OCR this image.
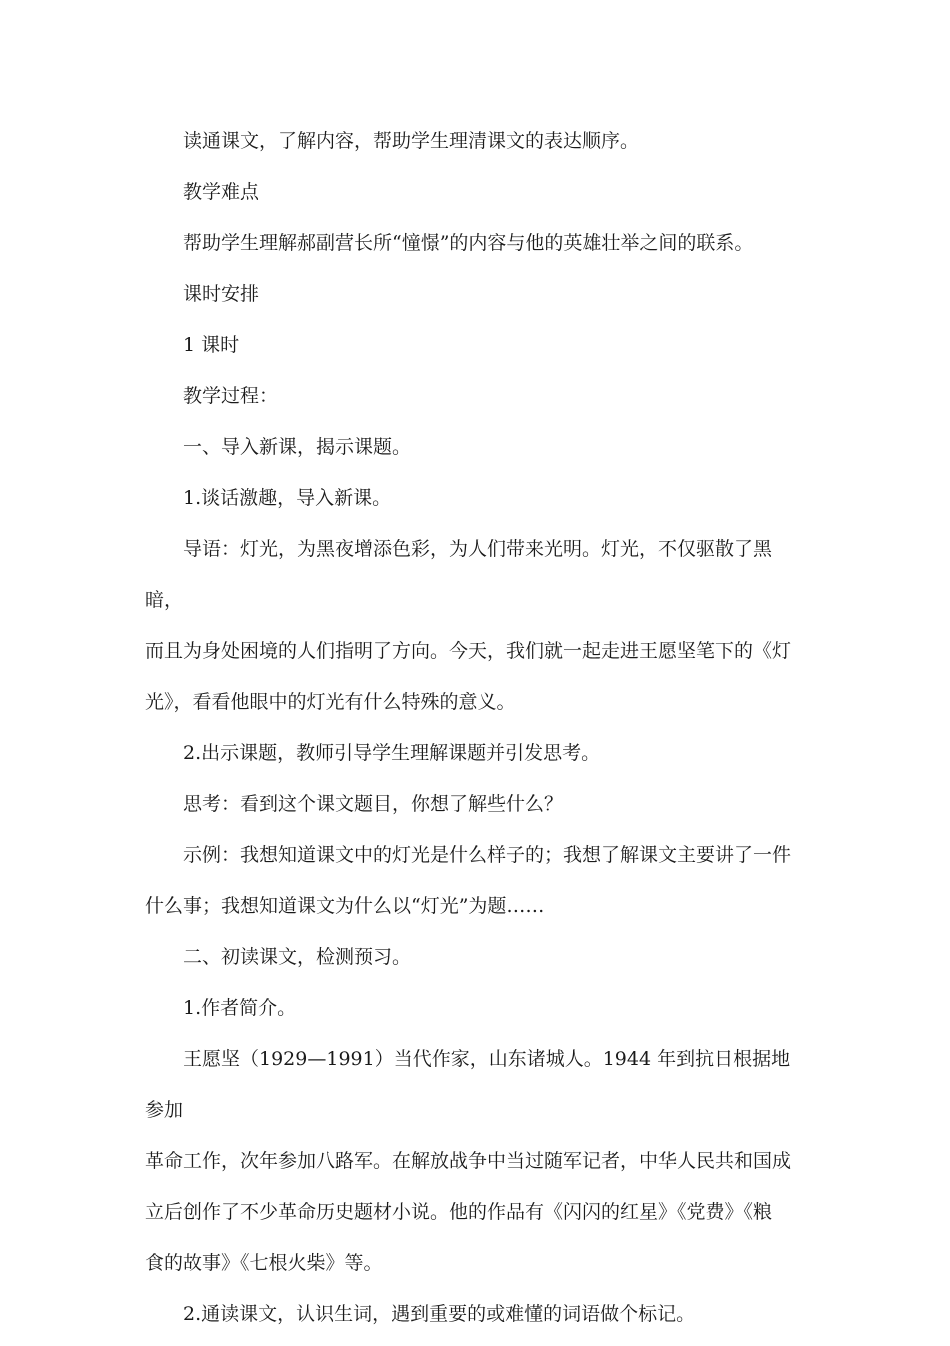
读通课文，了解内容，帮助学生理清课文的表达顺序。

教学难点

帮助学生理解郝副营长所“憧憬”的内容与他的英雄壮举之间的联系。

课时安排

1 课时

教学过程：

一、导入新课，揭示课题。

1.谈话激趣，导入新课。

导语：灯光，为黑夜增添色彩，为人们带来光明。灯光，不仅驱散了黑暗，
而且为身处困境的人们指明了方向。今天，我们就一起走进王愿坚笔下的《灯
光》，看看他眼中的灯光有什么特殊的意义。

2.出示课题，教师引导学生理解课题并引发思考。

思考：看到这个课文题目，你想了解些什么？

示例：我想知道课文中的灯光是什么样子的；我想了解课文主要讲了一件
什么事；我想知道课文为什么以“灯光”为题……

二、初读课文，检测预习。

1.作者简介。

王愿坚（1929—1991）当代作家，山东诸城人。1944 年到抗日根据地参加
革命工作，次年参加八路军。在解放战争中当过随军记者，中华人民共和国成
立后创作了不少革命历史题材小说。他的作品有《闪闪的红星》《党费》《粮
食的故事》《七根火柴》等。

2.通读课文，认识生词，遇到重要的或难懂的词语做个标记。
